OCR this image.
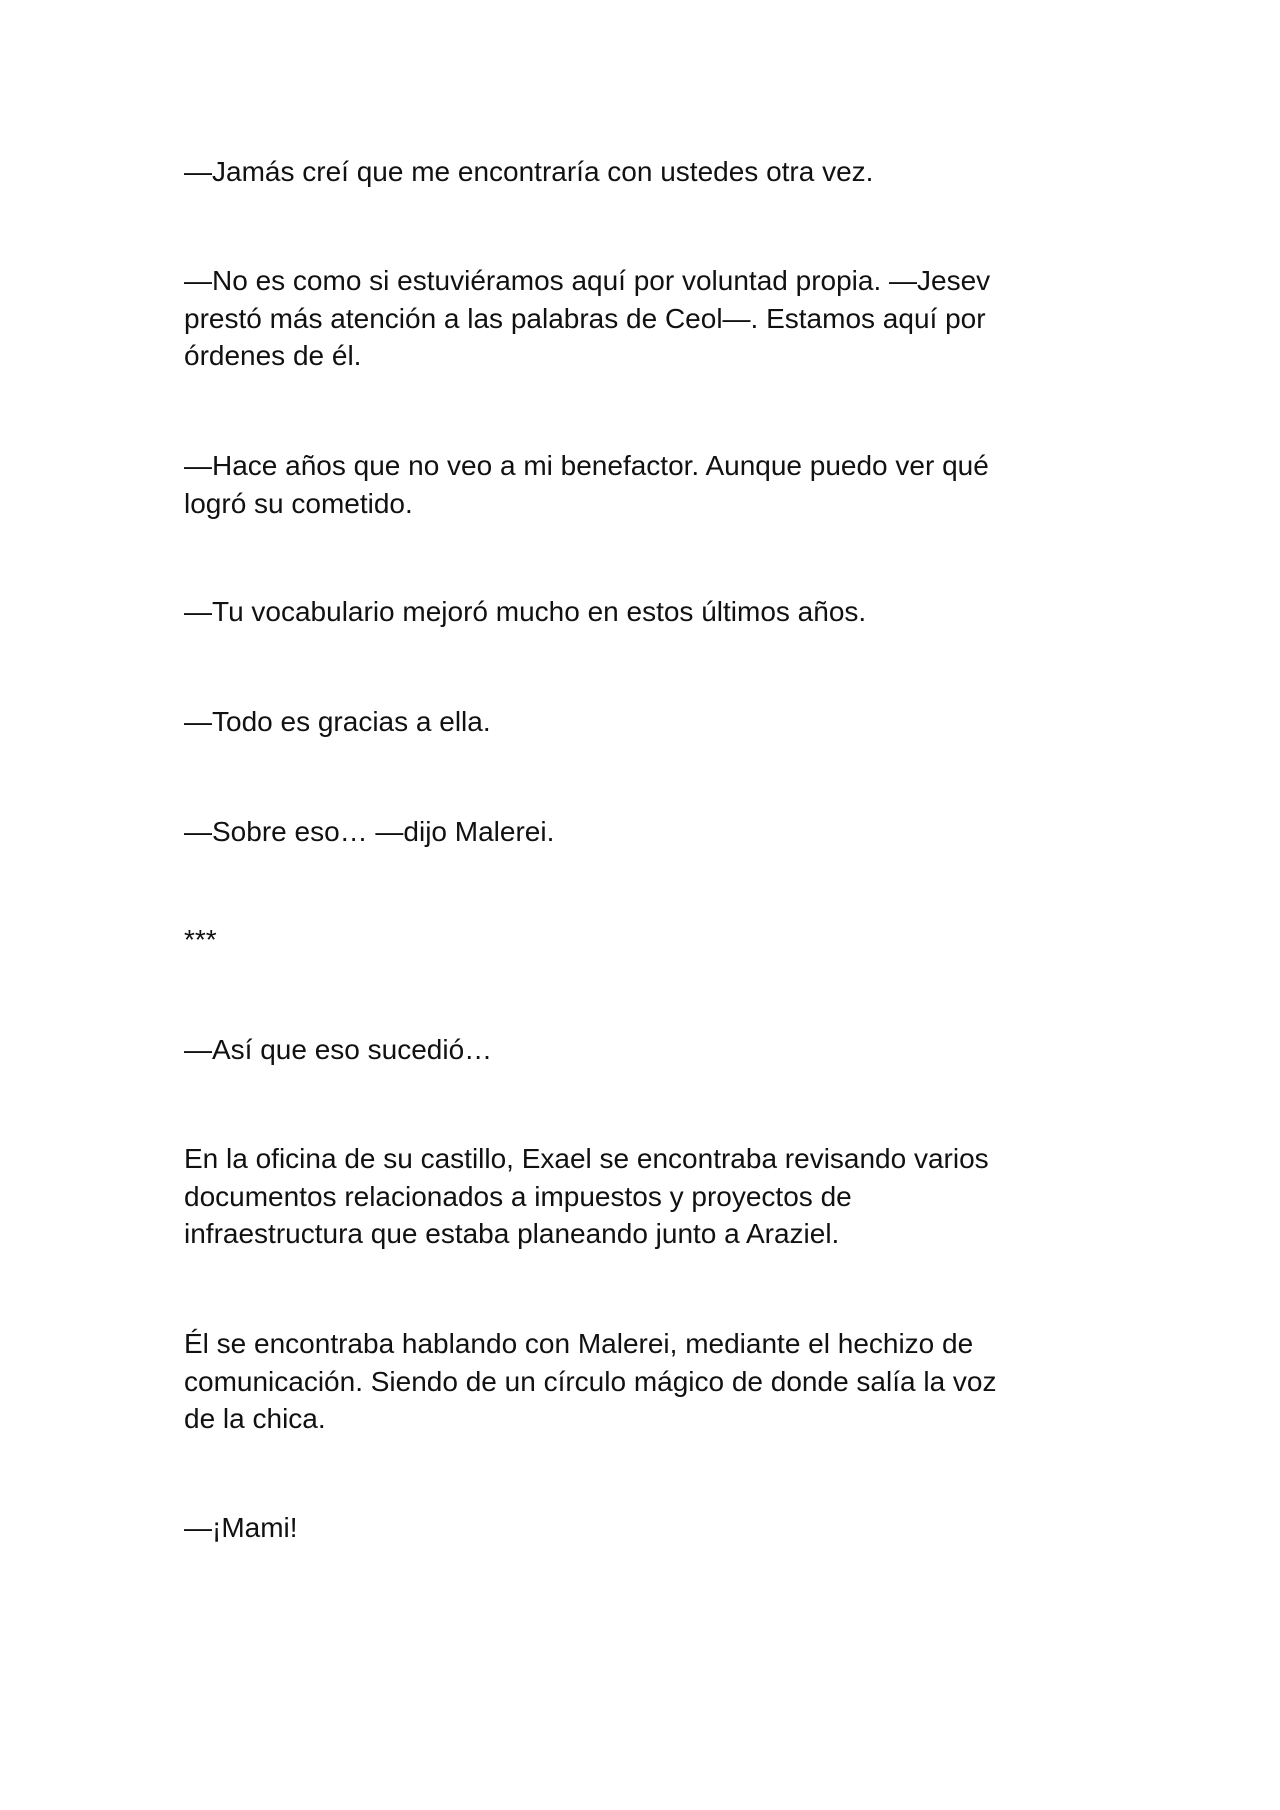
—Jamás creí que me encontraría con ustedes otra vez.

—No es como si estuviéramos aquí por voluntad propia. —Jesev
prestó más atención a las palabras de Ceol—. Estamos aquí por
órdenes de él.

—Hace años que no veo a mi benefactor. Aunque puedo ver qué
logró su cometido.

—Tu vocabulario mejoró mucho en estos últimos años.

—Todo es gracias a ella.

—Sobre eso… —dijo Malerei.

***

—Así que eso sucedió…

En la oficina de su castillo, Exael se encontraba revisando varios
documentos relacionados a impuestos y proyectos de
infraestructura que estaba planeando junto a Araziel.

Él se encontraba hablando con Malerei, mediante el hechizo de
comunicación. Siendo de un círculo mágico de donde salía la voz
de la chica.

—¡Mami!
